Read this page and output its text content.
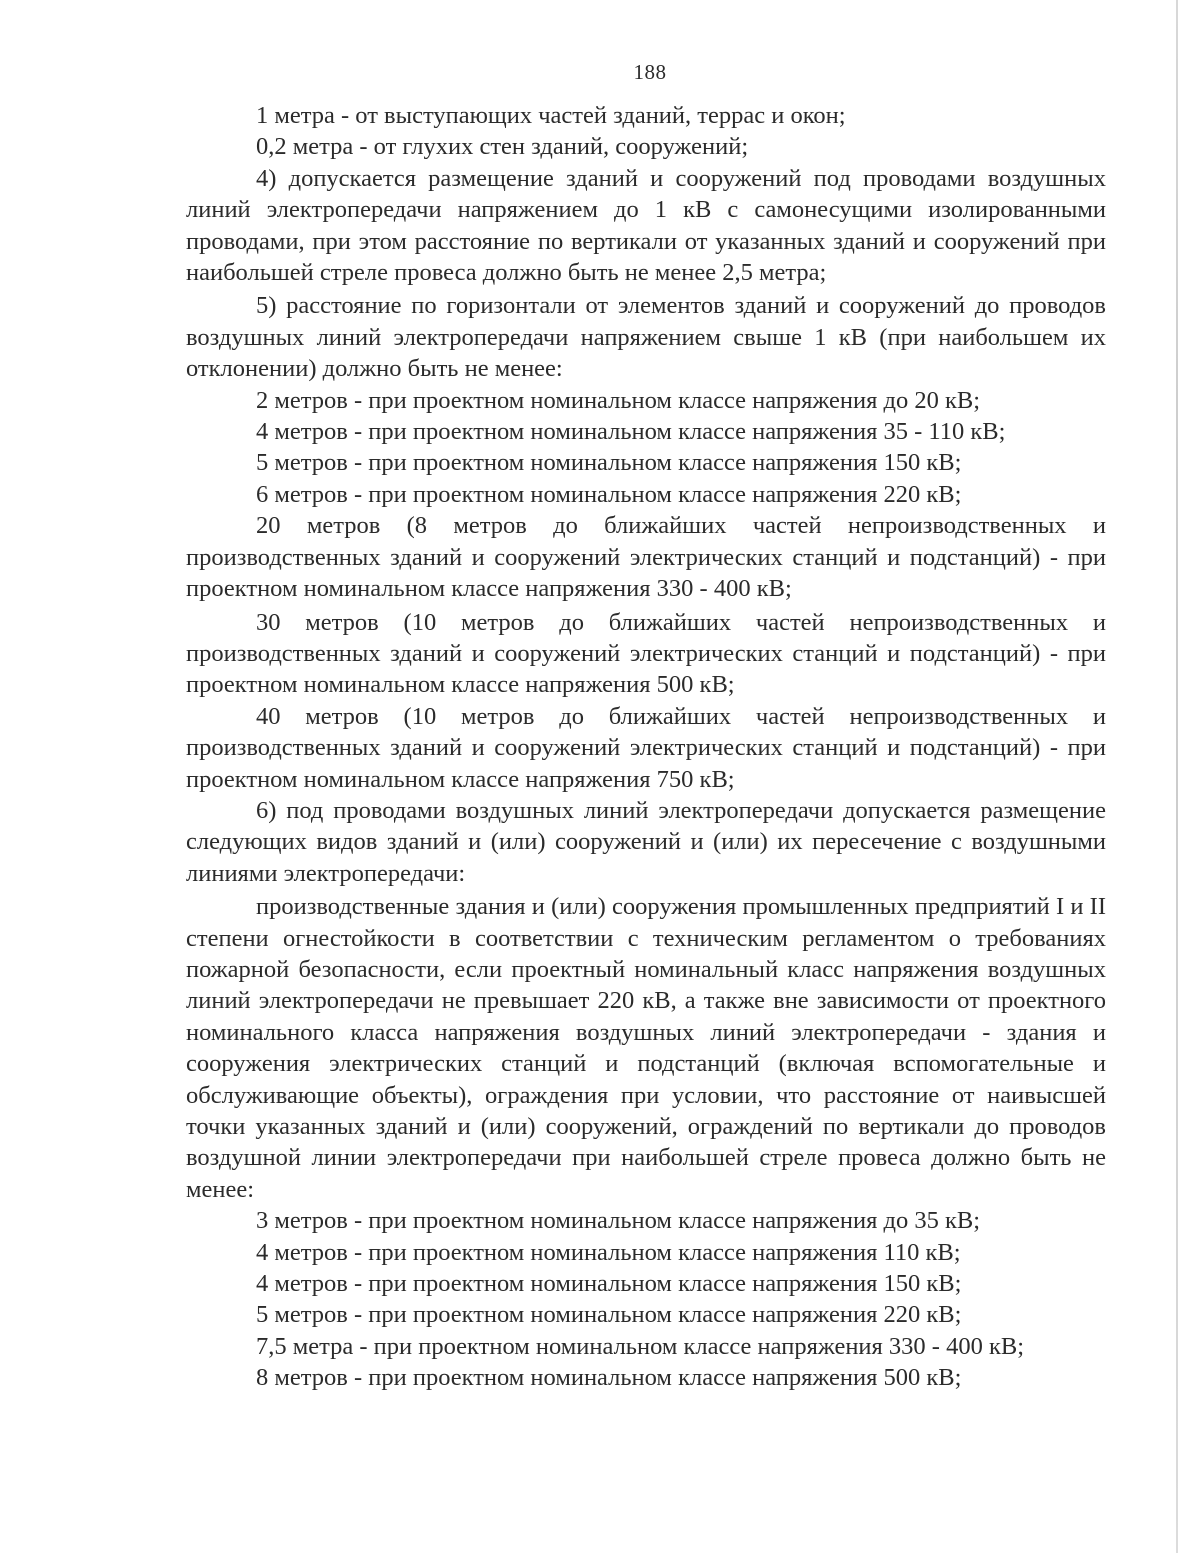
188

1 метра - от выступающих частей зданий, террас и окон;

0,2 метра - от глухих стен зданий, сооружений;

4) допускается размещение зданий и сооружений под проводами воздушных линий электропередачи напряжением до 1 кВ с самонесущими изолированными проводами, при этом расстояние по вертикали от указанных зданий и сооружений при наибольшей стреле провеса должно быть не менее 2,5 метра;

5) расстояние по горизонтали от элементов зданий и сооружений до проводов воздушных линий электропередачи напряжением свыше 1 кВ (при наибольшем их отклонении) должно быть не менее:

2 метров - при проектном номинальном классе напряжения до 20 кВ;

4 метров - при проектном номинальном классе напряжения 35 - 110 кВ;

5 метров - при проектном номинальном классе напряжения 150 кВ;

6 метров - при проектном номинальном классе напряжения 220 кВ;

20 метров (8 метров до ближайших частей непроизводственных и производственных зданий и сооружений электрических станций и подстанций) - при проектном номинальном классе напряжения 330 - 400 кВ;

30 метров (10 метров до ближайших частей непроизводственных и производственных зданий и сооружений электрических станций и подстанций) - при проектном номинальном классе напряжения 500 кВ;

40 метров (10 метров до ближайших частей непроизводственных и производственных зданий и сооружений электрических станций и подстанций) - при проектном номинальном классе напряжения 750 кВ;

6) под проводами воздушных линий электропередачи допускается размещение следующих видов зданий и (или) сооружений и (или) их пересечение с воздушными линиями электропередачи:

производственные здания и (или) сооружения промышленных предприятий I и II степени огнестойкости в соответствии с техническим регламентом о требованиях пожарной безопасности, если проектный номинальный класс напряжения воздушных линий электропередачи не превышает 220 кВ, а также вне зависимости от проектного номинального класса напряжения воздушных линий электропередачи - здания и сооружения электрических станций и подстанций (включая вспомогательные и обслуживающие объекты), ограждения при условии, что расстояние от наивысшей точки указанных зданий и (или) сооружений, ограждений по вертикали до проводов воздушной линии электропередачи при наибольшей стреле провеса должно быть не менее:

3 метров - при проектном номинальном классе напряжения до 35 кВ;

4 метров - при проектном номинальном классе напряжения 110 кВ;

4 метров - при проектном номинальном классе напряжения 150 кВ;

5 метров - при проектном номинальном классе напряжения 220 кВ;

7,5 метра - при проектном номинальном классе напряжения 330 - 400 кВ;

8 метров - при проектном номинальном классе напряжения 500 кВ;
